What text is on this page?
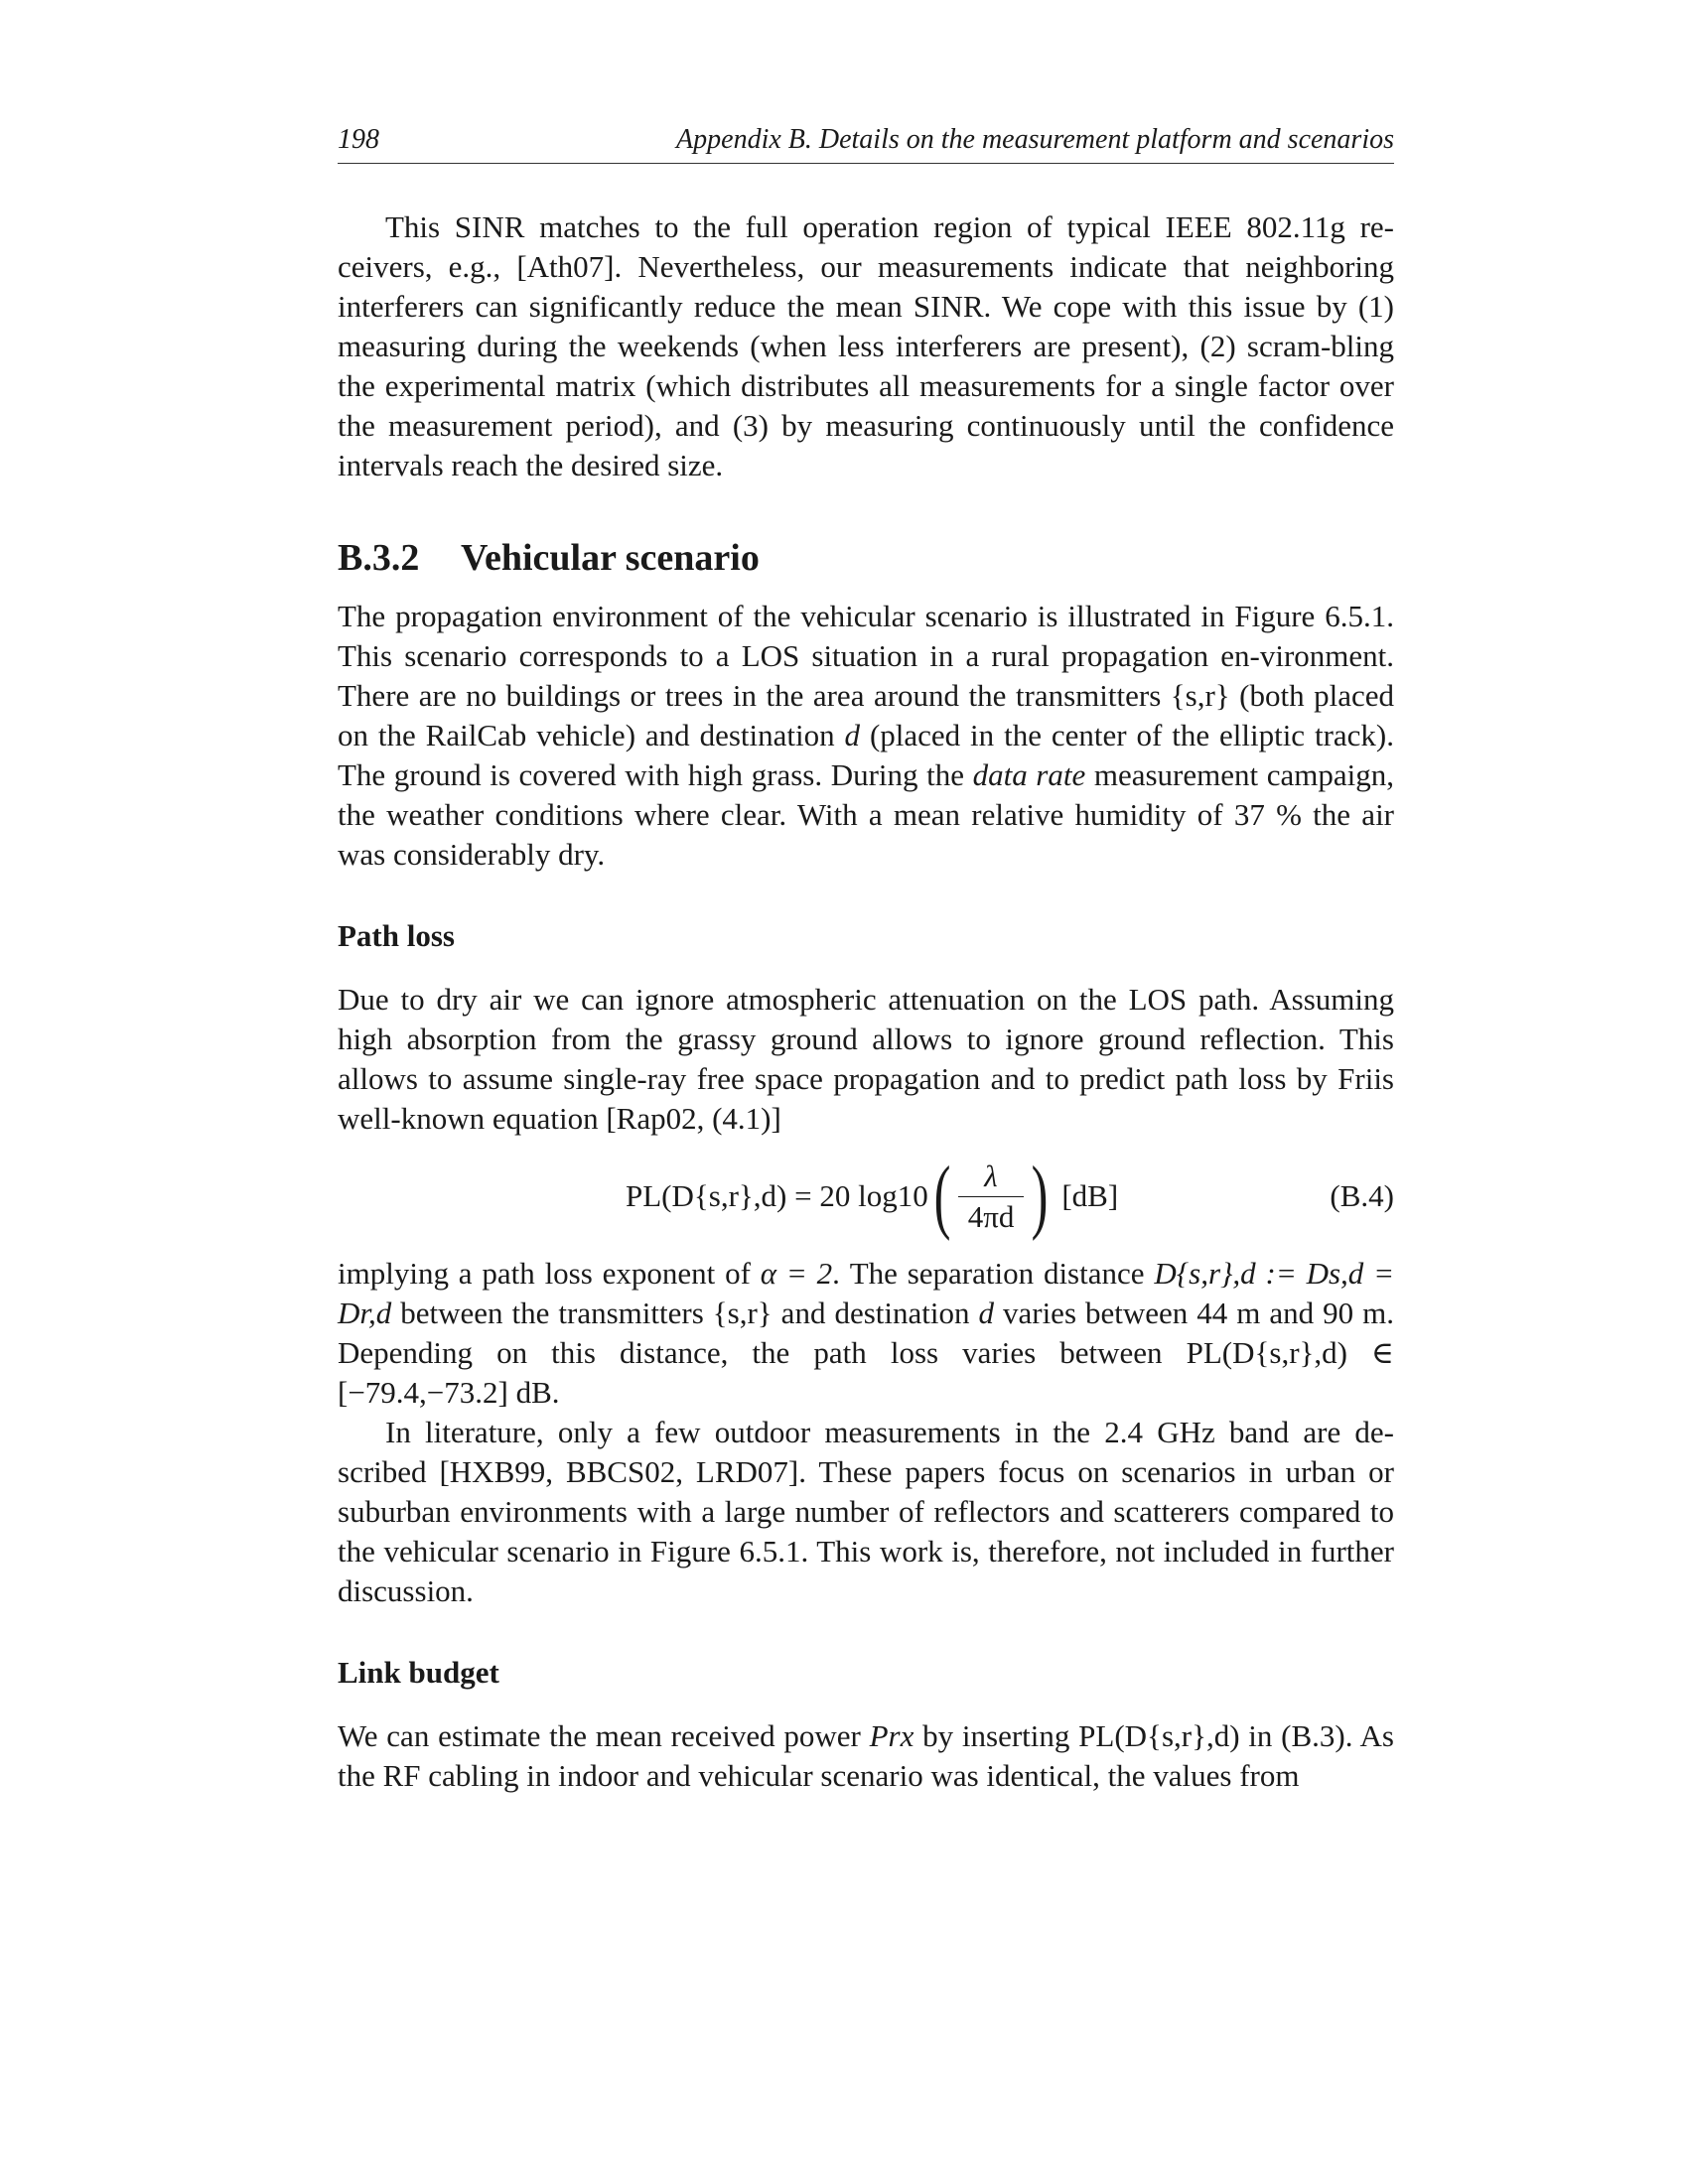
198	Appendix B. Details on the measurement platform and scenarios

This SINR matches to the full operation region of typical IEEE 802.11g re-ceivers, e.g., [Ath07]. Nevertheless, our measurements indicate that neighboring interferers can significantly reduce the mean SINR. We cope with this issue by (1) measuring during the weekends (when less interferers are present), (2) scram-bling the experimental matrix (which distributes all measurements for a single factor over the measurement period), and (3) by measuring continuously until the confidence intervals reach the desired size.

B.3.2 Vehicular scenario

The propagation environment of the vehicular scenario is illustrated in Figure 6.5.1. This scenario corresponds to a LOS situation in a rural propagation en-vironment. There are no buildings or trees in the area around the transmitters {s,r} (both placed on the RailCab vehicle) and destination d (placed in the center of the elliptic track). The ground is covered with high grass. During the data rate measurement campaign, the weather conditions where clear. With a mean relative humidity of 37 % the air was considerably dry.

Path loss

Due to dry air we can ignore atmospheric attenuation on the LOS path. Assuming high absorption from the grassy ground allows to ignore ground reflection. This allows to assume single-ray free space propagation and to predict path loss by Friis well-known equation [Rap02, (4.1)]

PL(D{s,r},d) = 20 log10 ( $\frac{\lambda}{4\pi d}$ ) [dB]	(B.4)

implying a path loss exponent of α = 2. The separation distance D{s,r},d := Ds,d = Dr,d between the transmitters {s,r} and destination d varies between 44 m and 90 m. Depending on this distance, the path loss varies between PL(D{s,r},d) ∈ [−79.4,−73.2] dB.

In literature, only a few outdoor measurements in the 2.4 GHz band are de-scribed [HXB99, BBCS02, LRD07]. These papers focus on scenarios in urban or suburban environments with a large number of reflectors and scatterers compared to the vehicular scenario in Figure 6.5.1. This work is, therefore, not included in further discussion.

Link budget

We can estimate the mean received power Prx by inserting PL(D{s,r},d) in (B.3). As the RF cabling in indoor and vehicular scenario was identical, the values from
